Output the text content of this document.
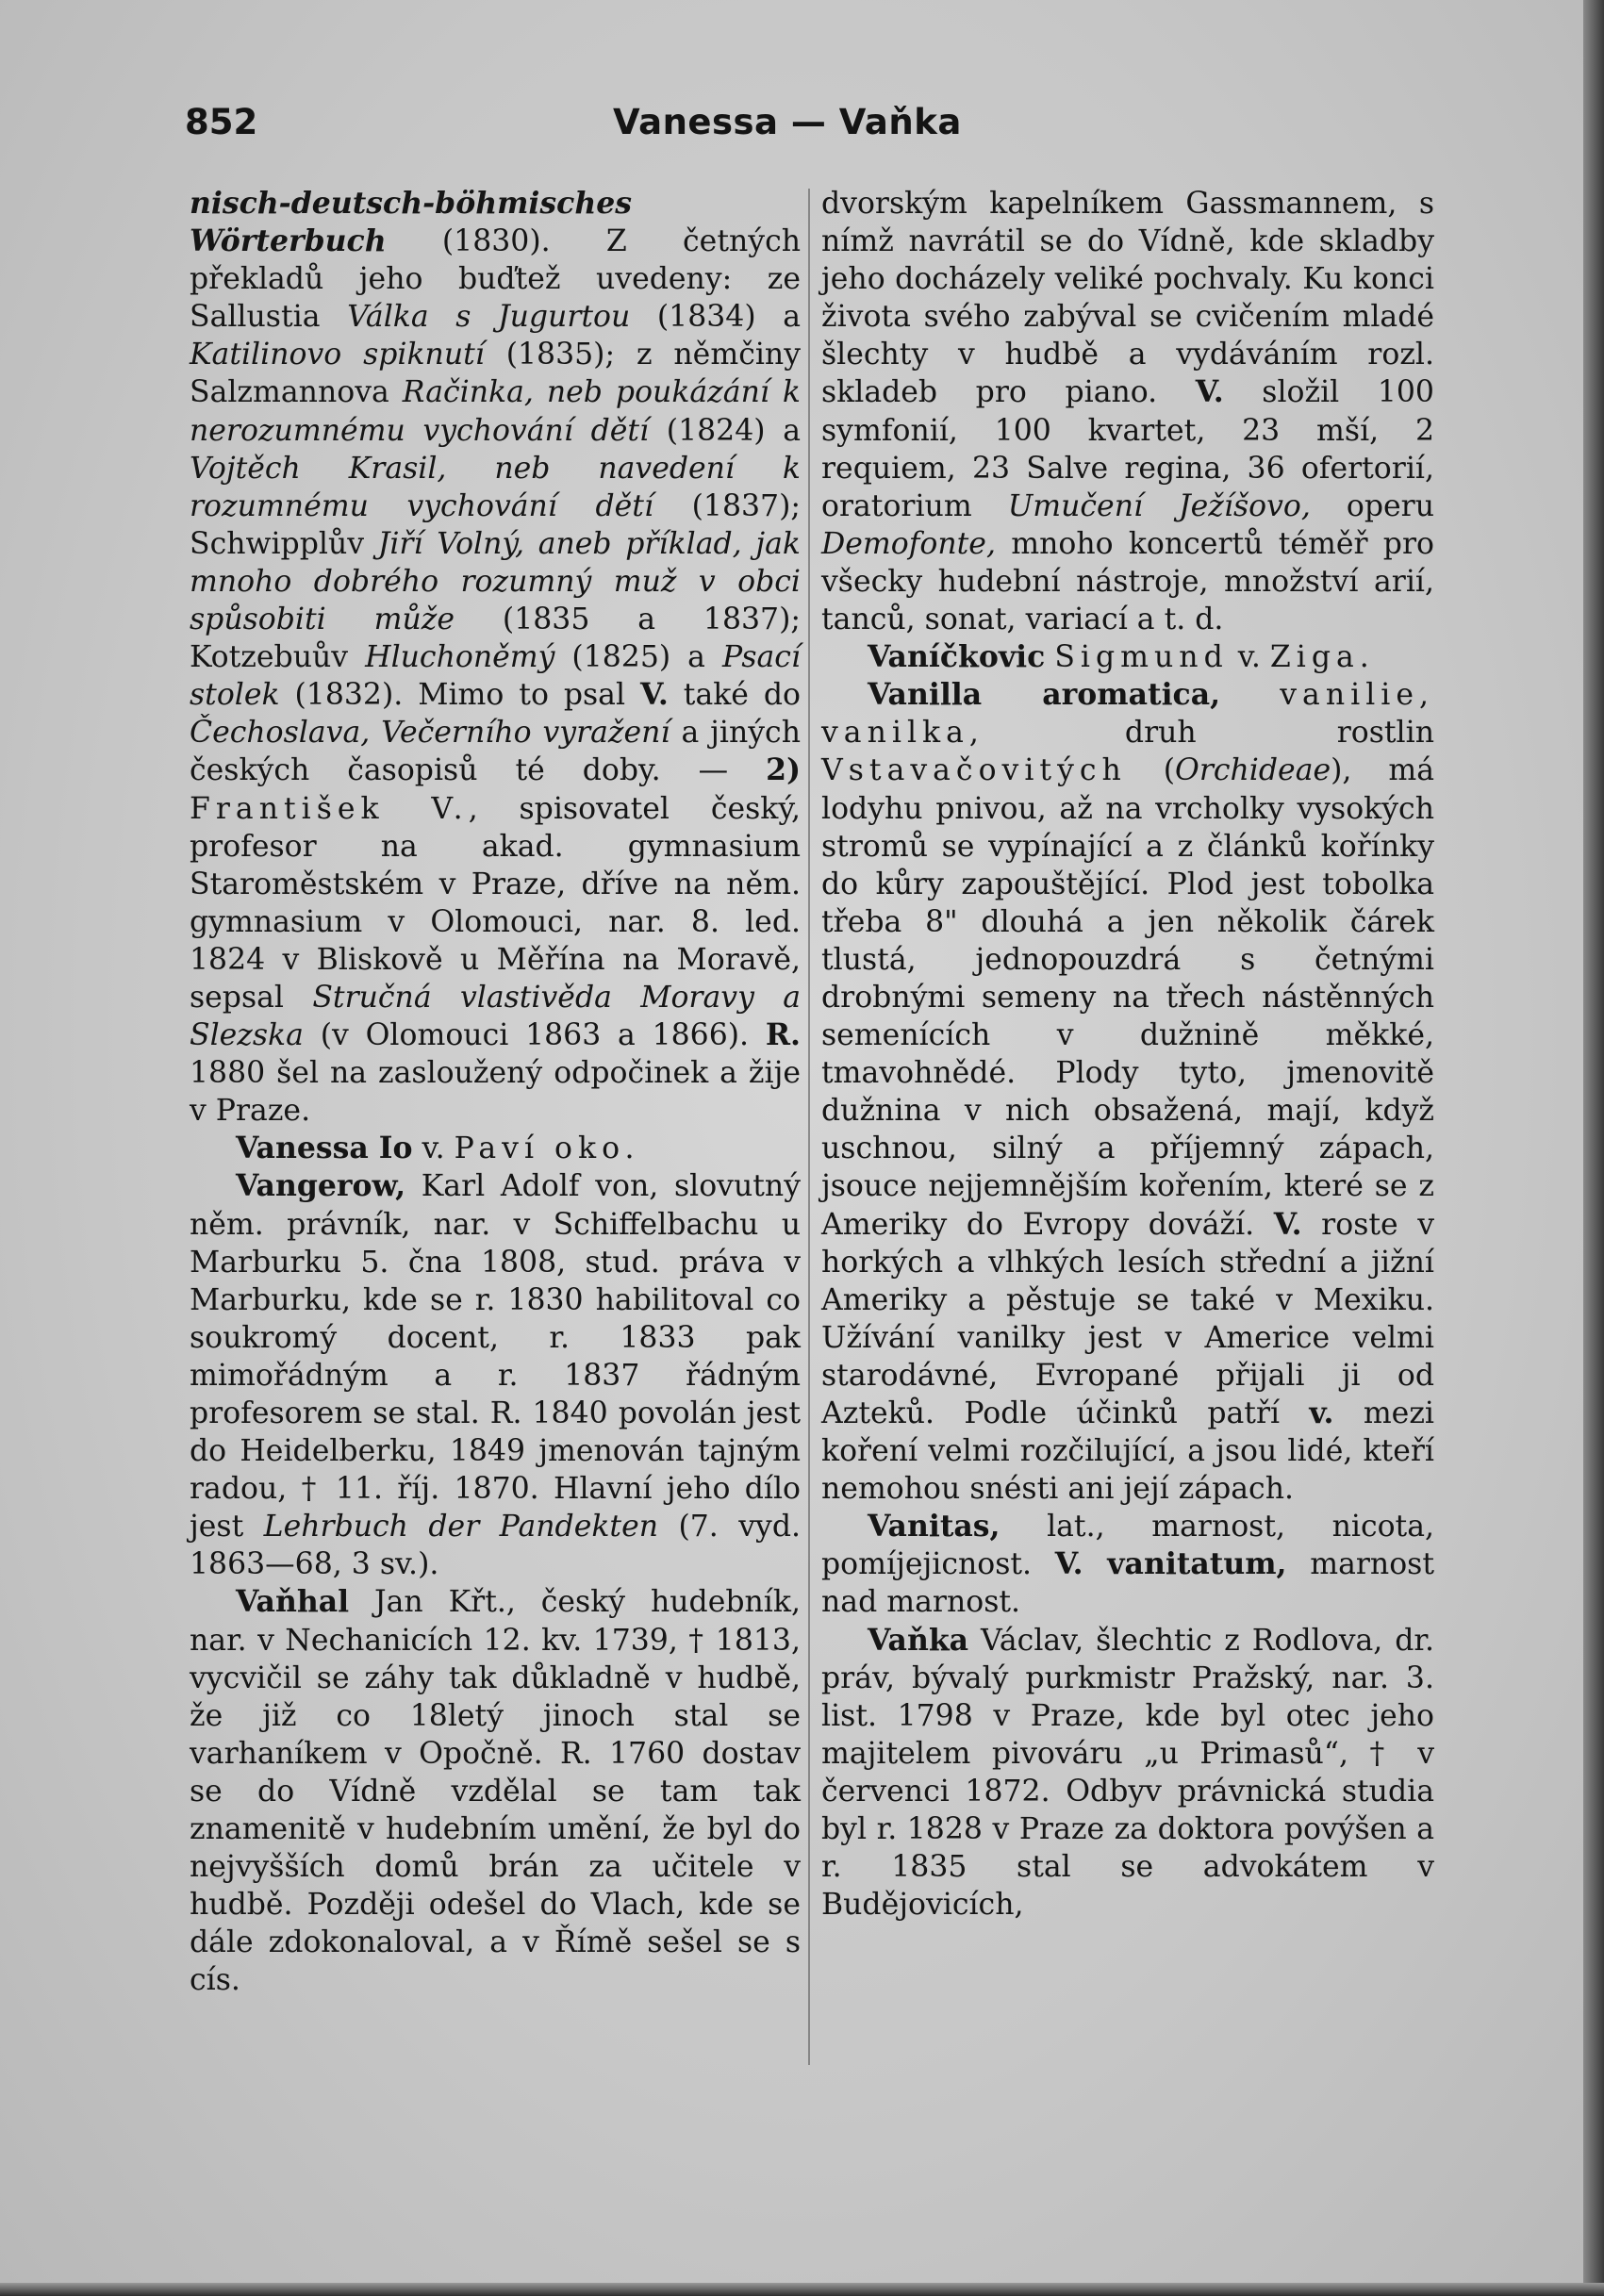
852	Vanessa — Vaňka

nisch-deutsch-böhmisches Wörterbuch (1830). Z četných překladů jeho buďtež uvedeny: ze Sallustia Válka s Jugurtou (1834) a Katilinovo spiknutí (1835); z němčiny Salzmannova Račinka, neb poukázání k nerozumnému vychování dětí (1824) a Vojtěch Krasil, neb navedení k rozumnému vychování dětí (1837); Schwipplův Jiří Volný, aneb příklad, jak mnoho dobrého rozumný muž v obci spůsobiti může (1835 a 1837); Kotzebuův Hluchoněmý (1825) a Psací stolek (1832). Mimo to psal V. také do Čechoslava, Večerního vyražení a jiných českých časopisů té doby. — 2) František V., spisovatel český, profesor na akad. gymnasium Staroměstském v Praze, dříve na něm. gymnasium v Olomouci, nar. 8. led. 1824 v Bliskově u Měřína na Moravě, sepsal Stručná vlastivěda Moravy a Slezska (v Olomouci 1863 a 1866). R. 1880 šel na zasloužený odpočinek a žije v Praze.

Vanessa Io v. Paví oko.

Vangerow, Karl Adolf von, slovutný něm. právník, nar. v Schiffelbachu u Marburku 5. čna 1808, stud. práva v Marburku, kde se r. 1830 habilitoval co soukromý docent, r. 1833 pak mimořádným a r. 1837 řádným profesorem se stal. R. 1840 povolán jest do Heidelberku, 1849 jmenován tajným radou, † 11. říj. 1870. Hlavní jeho dílo jest Lehrbuch der Pandekten (7. vyd. 1863—68, 3 sv.).

Vaňhal Jan Křt., český hudebník, nar. v Nechanicích 12. kv. 1739, † 1813, vycvičil se záhy tak důkladně v hudbě, že již co 18letý jinoch stal se varhaníkem v Opočně. R. 1760 dostav se do Vídně vzdělal se tam tak znamenitě v hudebním umění, že byl do nejvyšších domů brán za učitele v hudbě. Později odešel do Vlach, kde se dále zdokonaloval, a v Římě sešel se s cís.

dvorským kapelníkem Gassmannem, s nímž navrátil se do Vídně, kde skladby jeho docházely veliké pochvaly. Ku konci života svého zabýval se cvičením mladé šlechty v hudbě a vydáváním rozl. skladeb pro piano. V. složil 100 symfonií, 100 kvartet, 23 mší, 2 requiem, 23 Salve regina, 36 ofertorií, oratorium Umučení Ježíšovo, operu Demofonte, mnoho koncertů téměř pro všecky hudební nástroje, množství arií, tanců, sonat, variací a t. d.

Vaníčkovic Sigmund v. Ziga.

Vanilla aromatica, vanilie, vanilka, druh rostlin Vstavačovitých (Orchideae), má lodyhu pnivou, až na vrcholky vysokých stromů se vypínající a z článků kořínky do kůry zapouštějící. Plod jest tobolka třeba 8" dlouhá a jen několik čárek tlustá, jednopouzdrá s četnými drobnými semeny na třech nástěnných semenících v dužnině měkké, tmavohnědé. Plody tyto, jmenovitě dužnina v nich obsažená, mají, když uschnou, silný a příjemný zápach, jsouce nejjemnějším kořením, které se z Ameriky do Evropy dováží. V. roste v horkých a vlhkých lesích střední a jižní Ameriky a pěstuje se také v Mexiku. Užívání vanilky jest v Americe velmi starodávné, Evropané přijali ji od Azteků. Podle účinků patří v. mezi koření velmi rozčilující, a jsou lidé, kteří nemohou snésti ani její zápach.

Vanitas, lat., marnost, nicota, pomíjejicnost. V. vanitatum, marnost nad marnost.

Vaňka Václav, šlechtic z Rodlova, dr. práv, bývalý purkmistr Pražský, nar. 3. list. 1798 v Praze, kde byl otec jeho majitelem pivováru „u Primasů“, † v červenci 1872. Odbyv právnická studia byl r. 1828 v Praze za doktora povýšen a r. 1835 stal se advokátem v Budějovicích,
